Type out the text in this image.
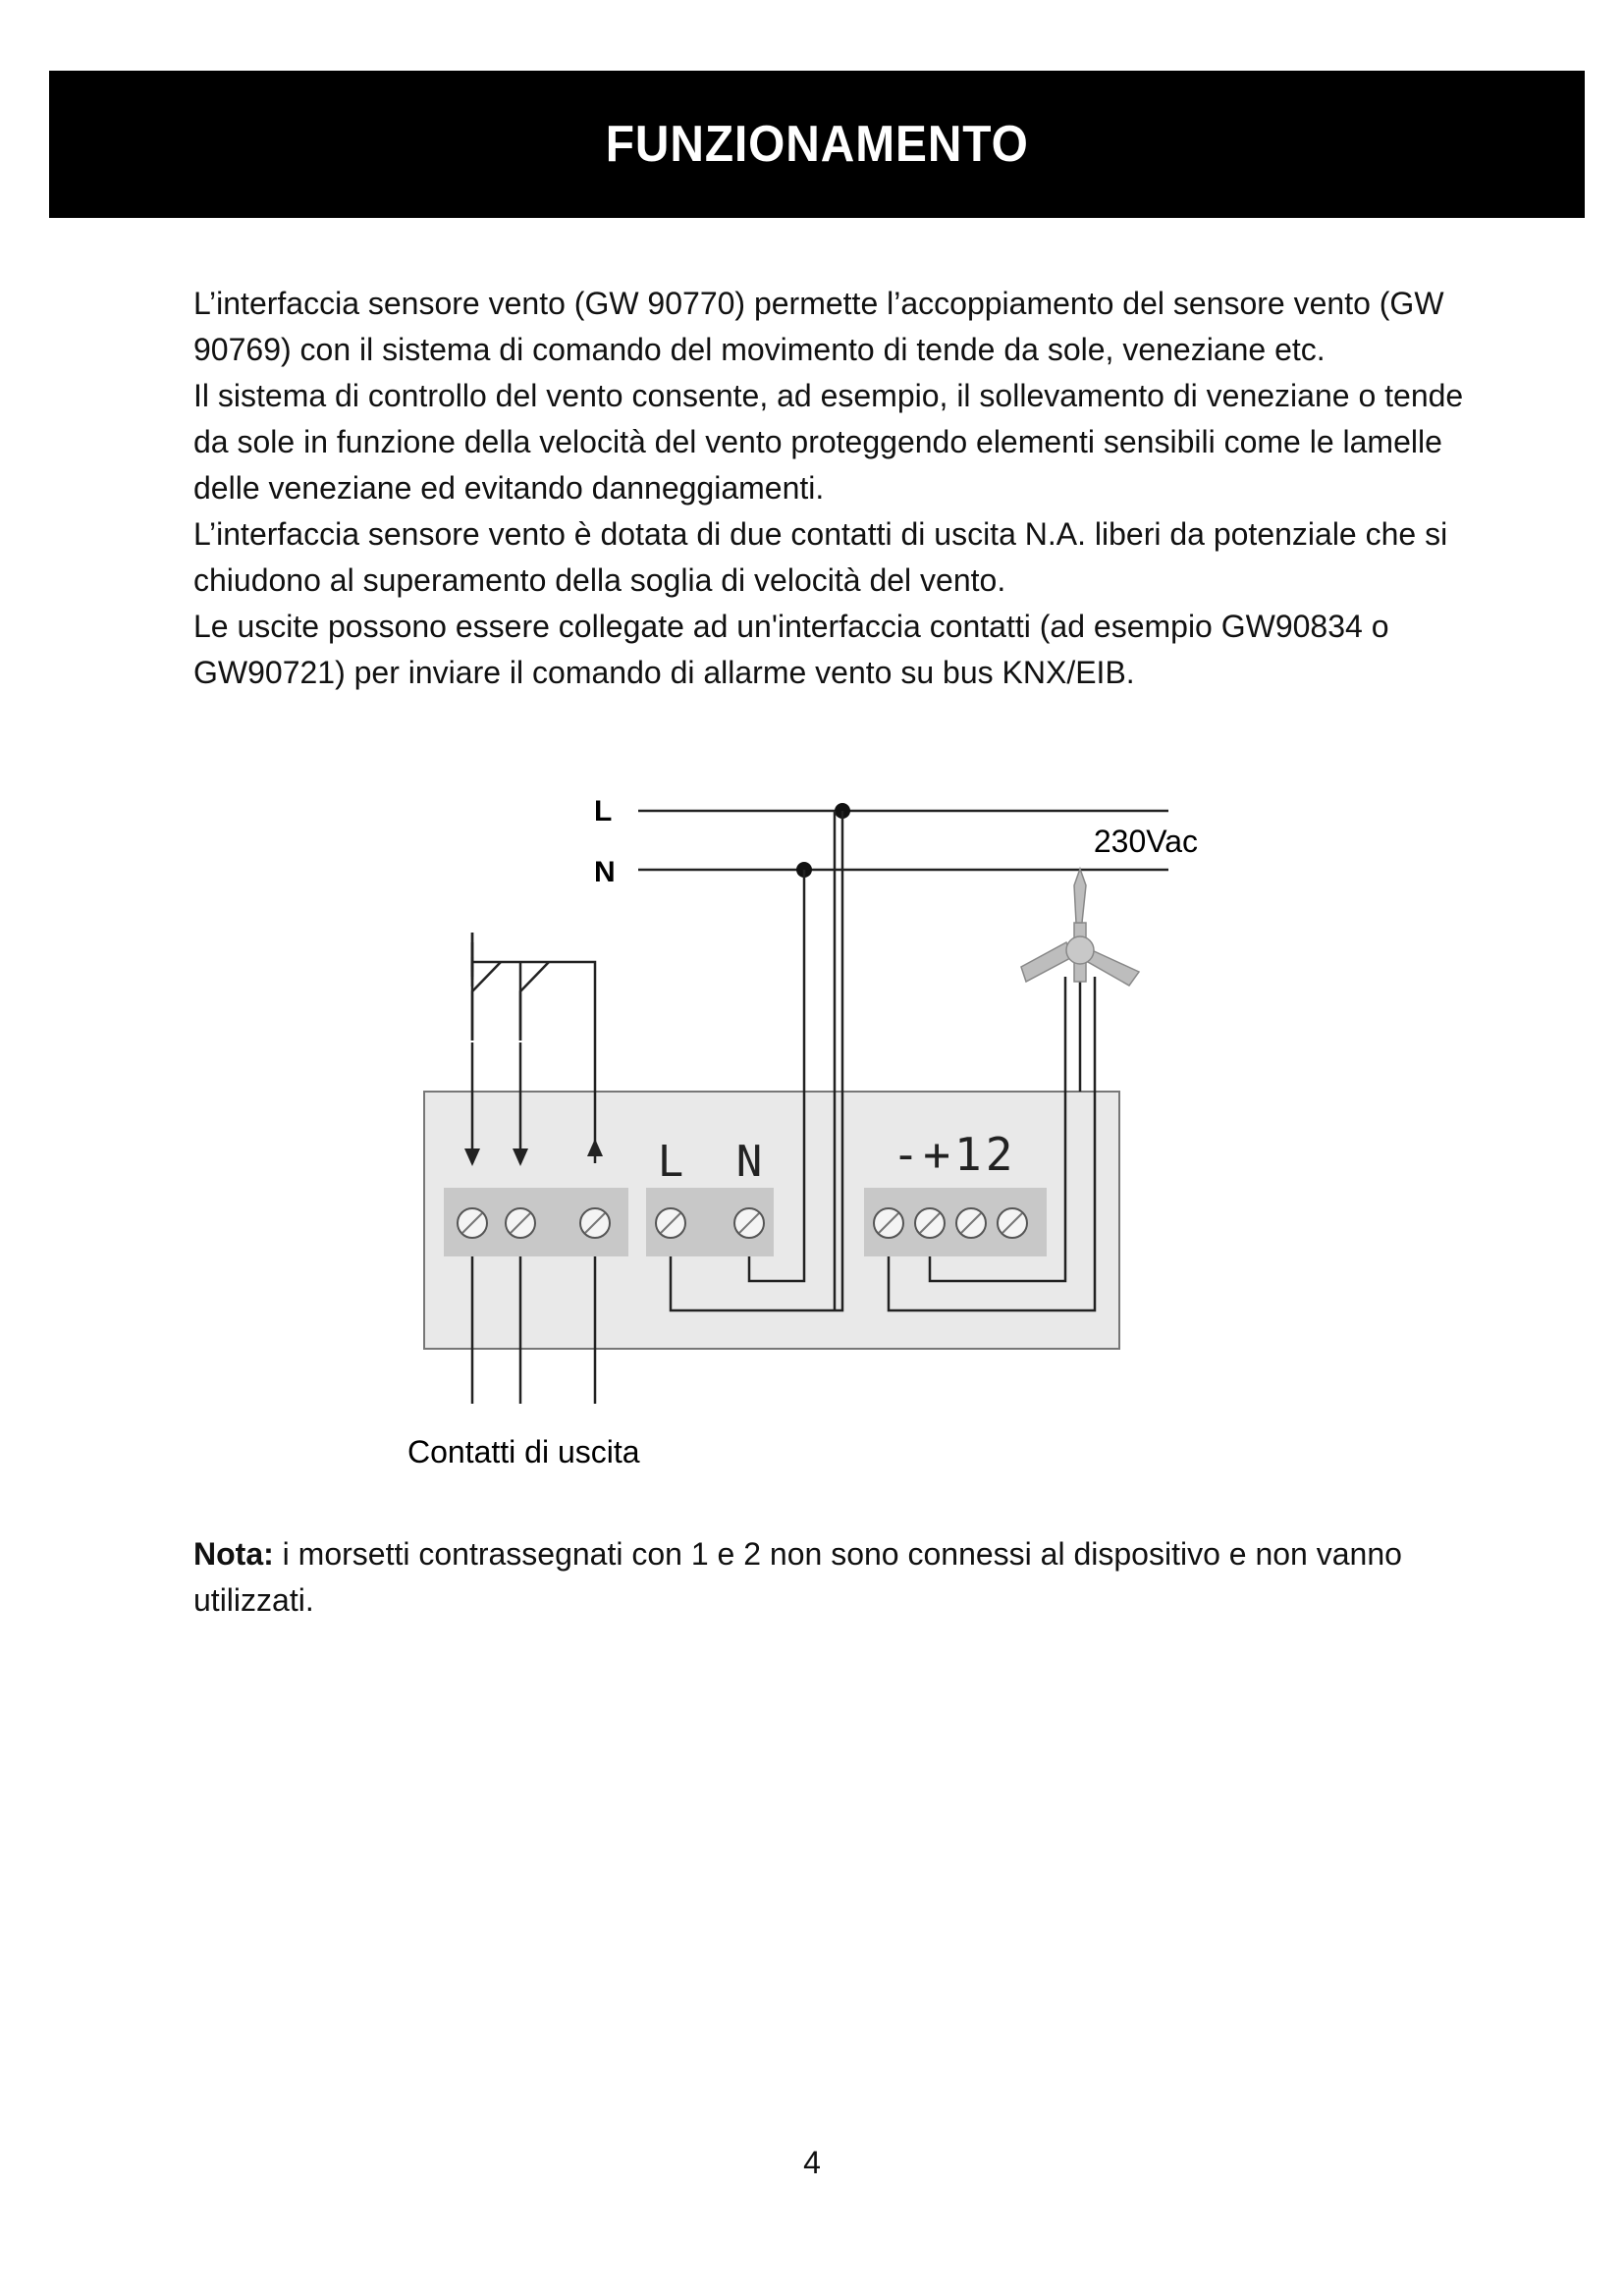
FUNZIONAMENTO

L’interfaccia sensore vento (GW 90770) permette l’accoppiamento del sensore vento (GW 90769) con il sistema di comando del movimento di tende da sole, veneziane etc.

Il sistema di controllo del vento consente, ad esempio, il sollevamento di veneziane o tende da sole in funzione della velocità del vento proteggendo elementi sensibili come le lamelle delle veneziane ed evitando danneggiamenti.

L’interfaccia sensore vento è dotata di due contatti di uscita N.A. liberi da potenziale che si chiudono al superamento della soglia di velocità del vento.

Le uscite possono essere collegate ad un'interfaccia contatti (ad esempio GW90834 o GW90721) per inviare il comando di allarme vento su bus KNX/EIB.

L
N
230Vac
L N	-+12
Contatti di uscita
Nota: i morsetti contrassegnati con 1 e 2 non sono connessi al dispositivo e non vanno utilizzati.
4
